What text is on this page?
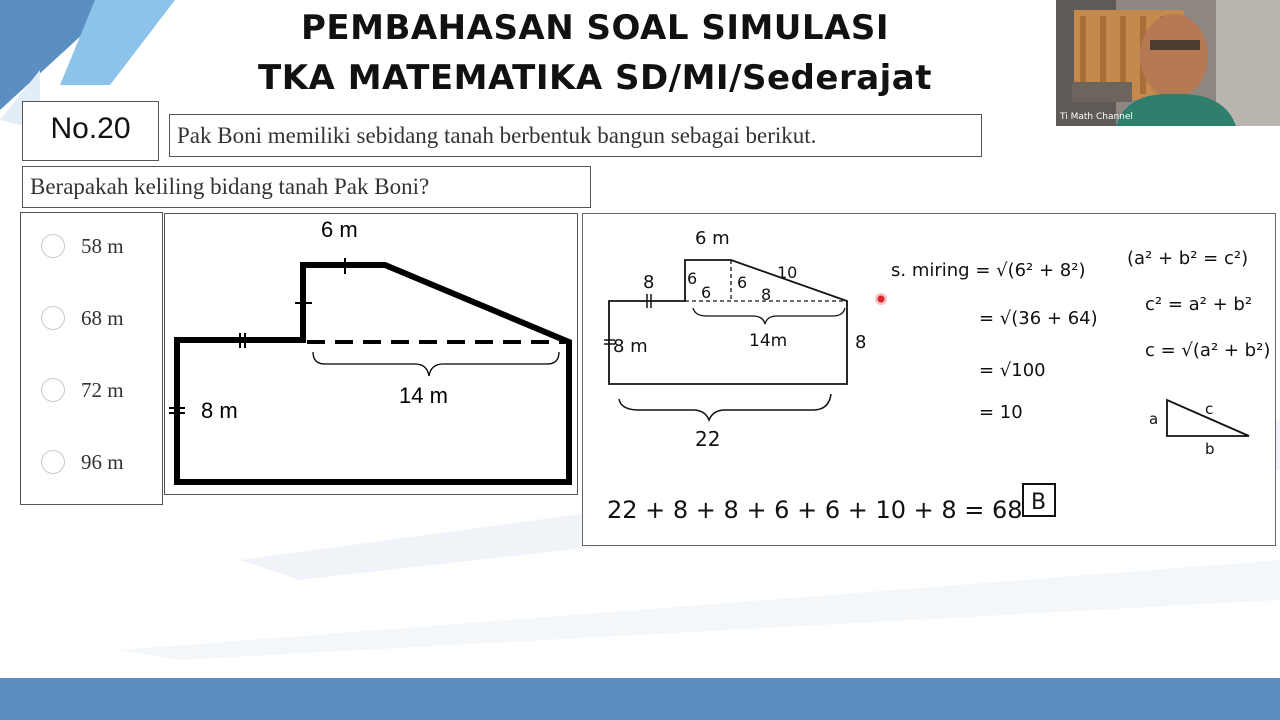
PEMBAHASAN SOAL SIMULASI
TKA MATEMATIKA SD/MI/Sederajat
No.20	Pak Boni memiliki sebidang tanah berbentuk bangun sebagai berikut.
Berapakah keliling bidang tanah Pak Boni?
58 m
68 m
72 m
96 m
6 m
8 m
14 m
6 m
8 6
6
6
8
10
8 m	14m	8
22
s. miring = √(6² + 8²)
= √(36 + 64)
= √100
= 10
(a² + b² = c²)
c² = a² + b²
c = √(a² + b²)
a
b
c
22 + 8 + 8 + 6 + 6 + 10 + 8 = 68 B
Ti Math Channel
